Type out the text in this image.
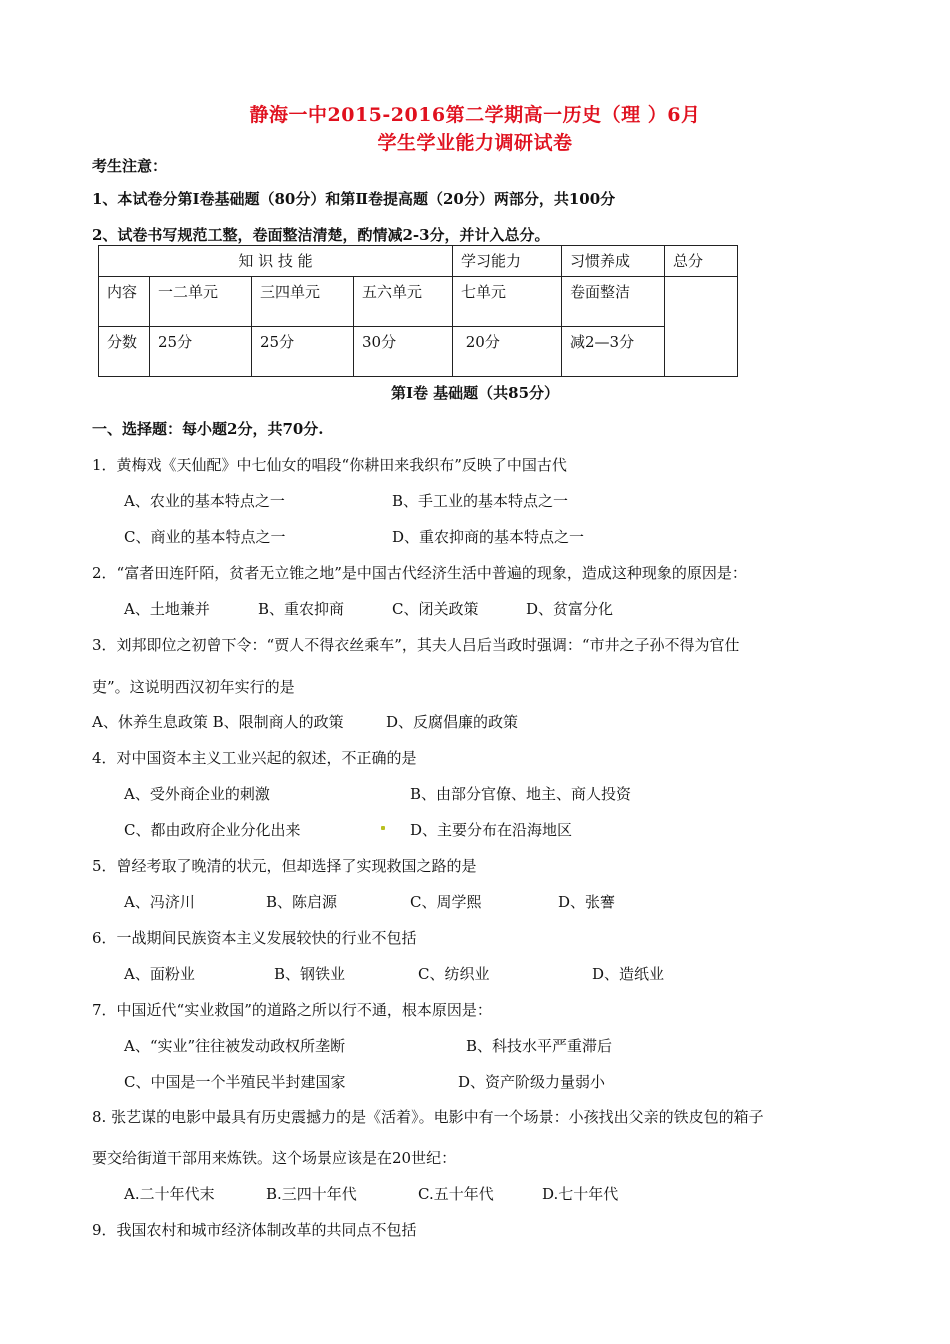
静海一中2015-2016第二学期高一历史（理 ）6月
学生学业能力调研试卷
考生注意：
1、本试卷分第Ⅰ卷基础题（80分）和第Ⅱ卷提高题（20分）两部分，共100分
2、试卷书写规范工整，卷面整洁清楚，酌情减2-3分，并计入总分。
知 识 技 能				学习能力	习惯养成	总分
内容	一二单元	三四单元	五六单元	七单元	卷面整洁	
分数	25分	25分	30分	20分	减2—3分	
第Ⅰ卷 基础题（共85分）
一、选择题：每小题2分，共70分.
1．黄梅戏《天仙配》中七仙女的唱段“你耕田来我织布”反映了中国古代
A、农业的基本特点之一	B、手工业的基本特点之一
C、商业的基本特点之一	D、重农抑商的基本特点之一
2．“富者田连阡陌，贫者无立锥之地”是中国古代经济生活中普遍的现象，造成这种现象的原因是：
A、土地兼并	B、重农抑商	C、闭关政策	D、贫富分化
3．刘邦即位之初曾下令：“贾人不得衣丝乘车”，其夫人吕后当政时强调：“市井之子孙不得为官仕
吏”。这说明西汉初年实行的是
A、休养生息政策 B、限制商人的政策	D、反腐倡廉的政策
4．对中国资本主义工业兴起的叙述，不正确的是
A、受外商企业的刺激	B、由部分官僚、地主、商人投资
C、都由政府企业分化出来	D、主要分布在沿海地区
5．曾经考取了晚清的状元，但却选择了实现救国之路的是
A、冯济川	B、陈启源	C、周学熙	D、张謇
6．一战期间民族资本主义发展较快的行业不包括
A、面粉业	B、钢铁业	C、纺织业	D、造纸业
7．中国近代“实业救国”的道路之所以行不通，根本原因是：
A、“实业”往往被发动政权所垄断	B、科技水平严重滞后
C、中国是一个半殖民半封建国家	D、资产阶级力量弱小
8. 张艺谋的电影中最具有历史震撼力的是《活着》。电影中有一个场景：小孩找出父亲的铁皮包的箱子
要交给街道干部用来炼铁。这个场景应该是在20世纪：
A.二十年代末	B.三四十年代	C.五十年代	D.七十年代
9．我国农村和城市经济体制改革的共同点不包括
